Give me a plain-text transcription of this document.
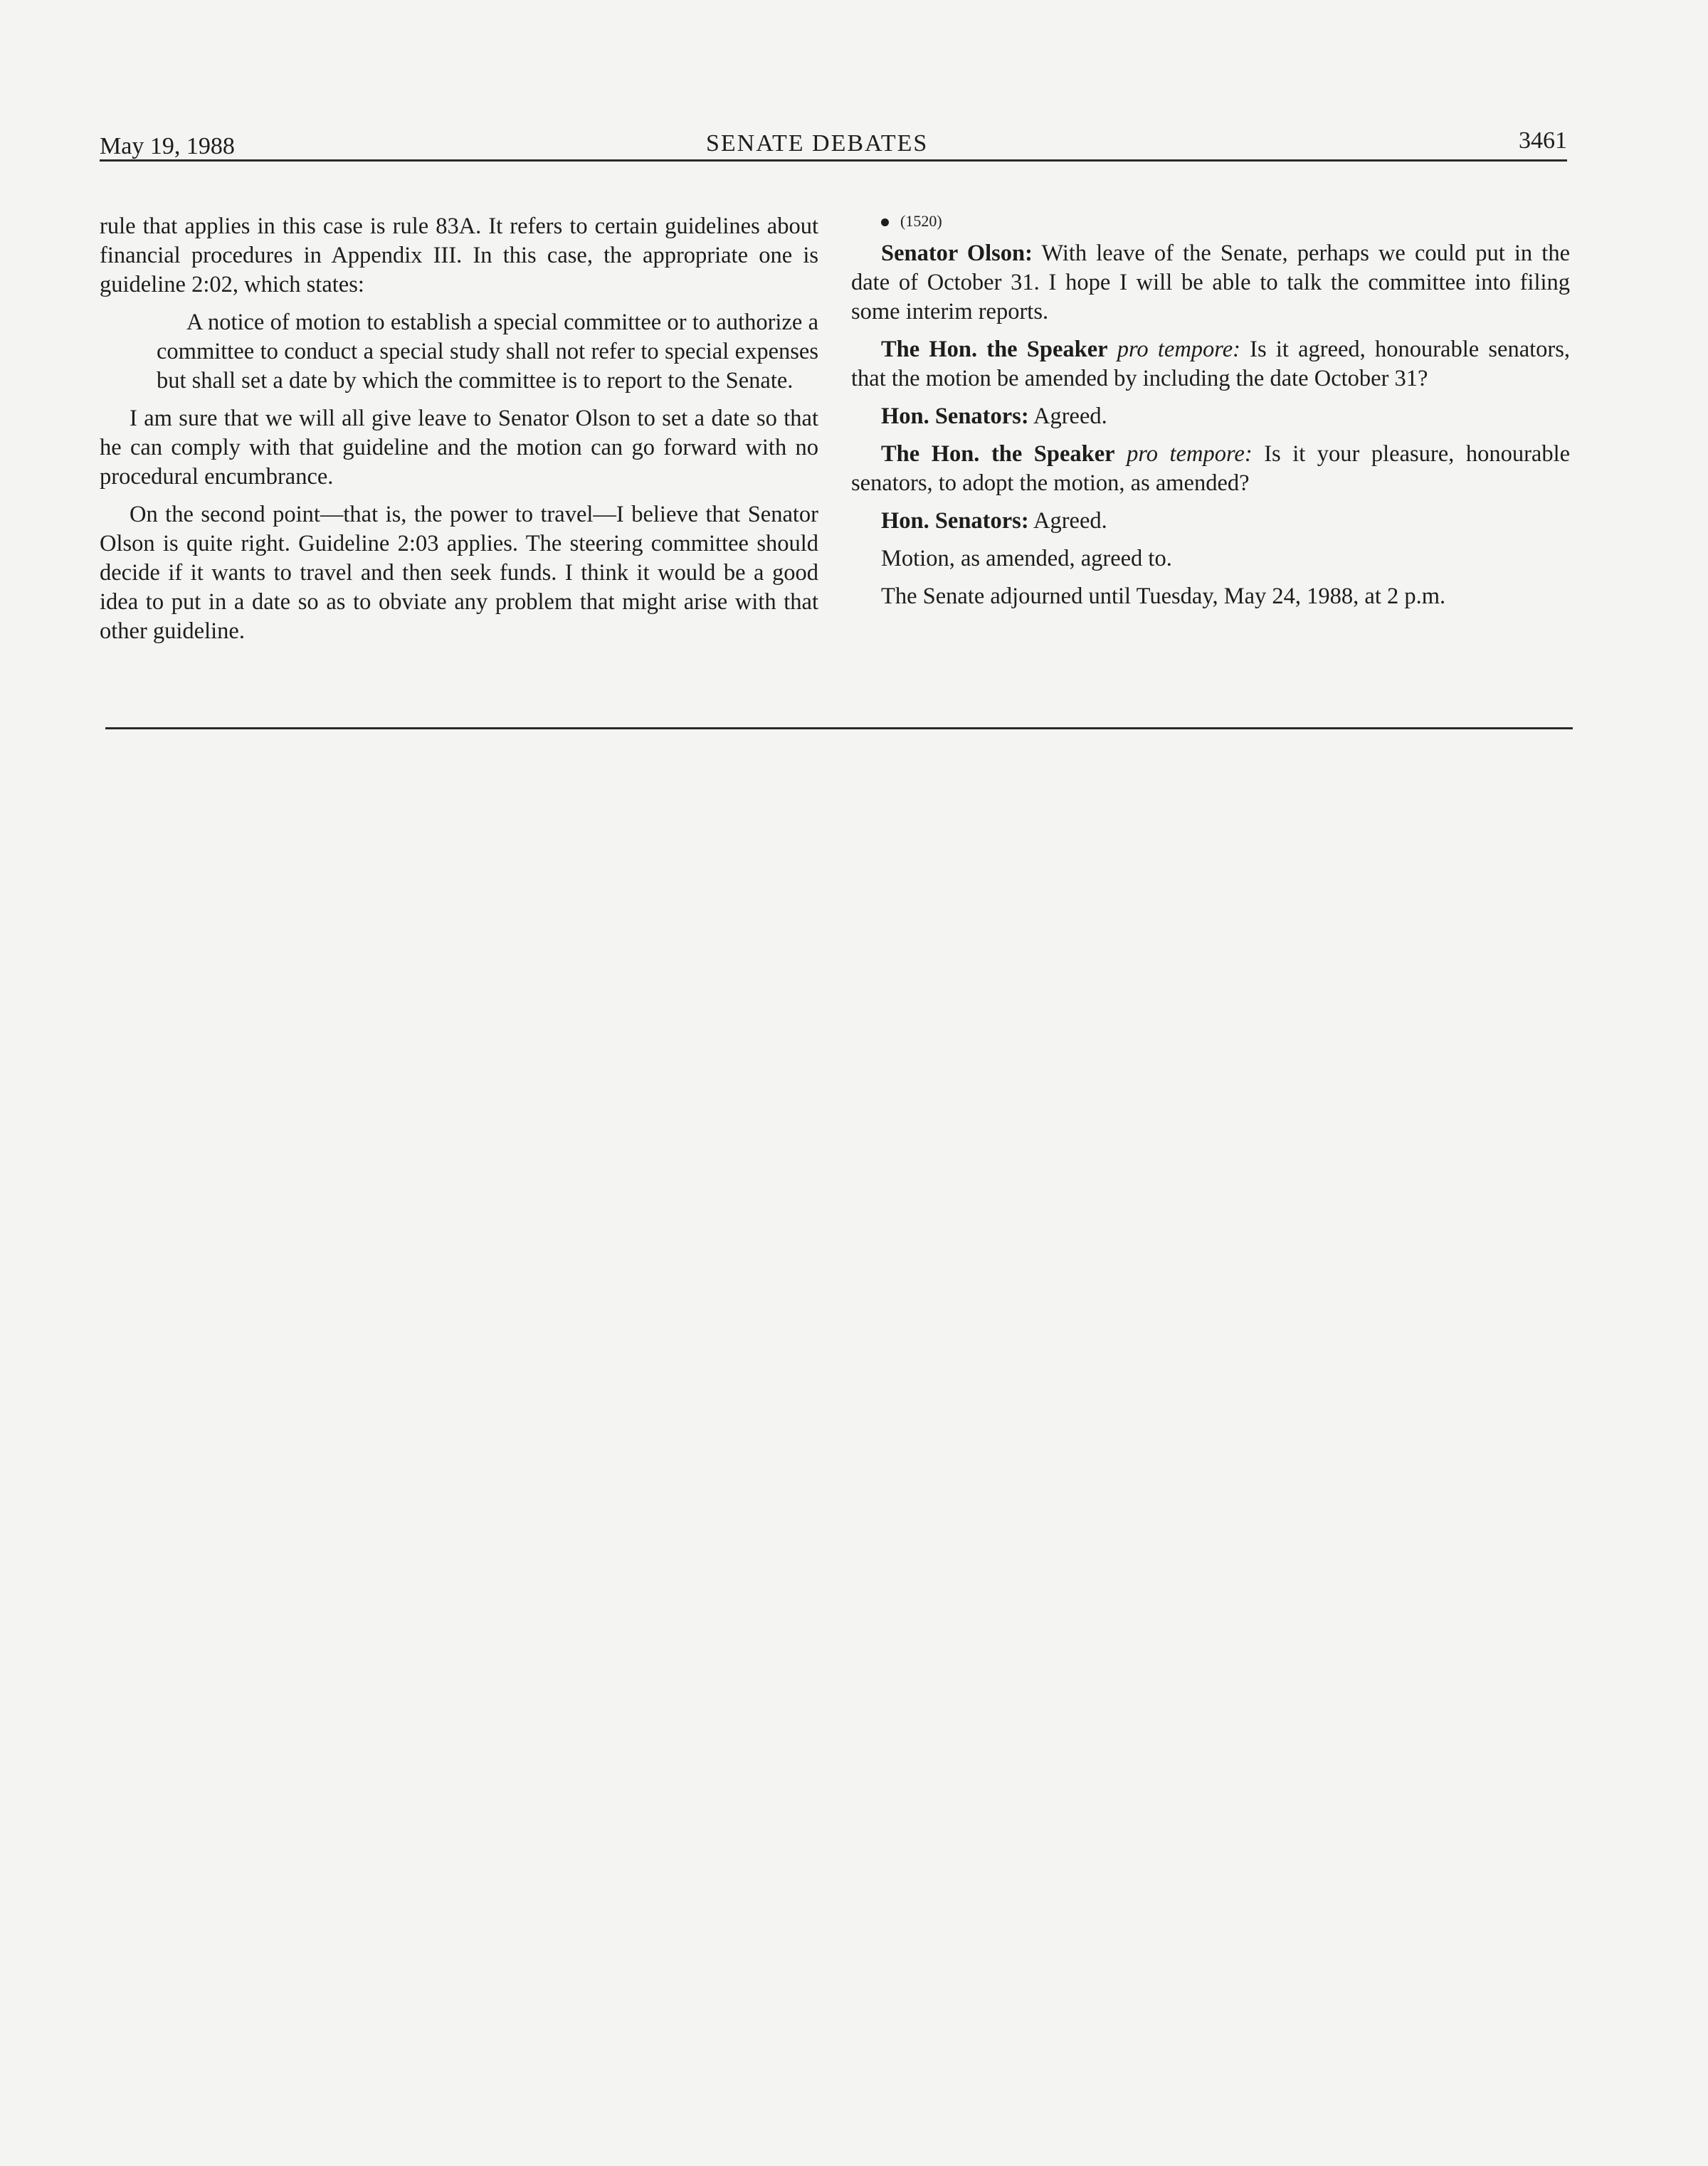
May 19, 1988	SENATE DEBATES	3461

rule that applies in this case is rule 83A. It refers to certain guidelines about financial procedures in Appendix III. In this case, the appropriate one is guideline 2:02, which states:

A notice of motion to establish a special committee or to authorize a committee to conduct a special study shall not refer to special expenses but shall set a date by which the committee is to report to the Senate.

I am sure that we will all give leave to Senator Olson to set a date so that he can comply with that guideline and the motion can go forward with no procedural encumbrance.

On the second point—that is, the power to travel—I believe that Senator Olson is quite right. Guideline 2:03 applies. The steering committee should decide if it wants to travel and then seek funds. I think it would be a good idea to put in a date so as to obviate any problem that might arise with that other guideline.

(1520)

Senator Olson: With leave of the Senate, perhaps we could put in the date of October 31. I hope I will be able to talk the committee into filing some interim reports.

The Hon. the Speaker pro tempore: Is it agreed, honourable senators, that the motion be amended by including the date October 31?

Hon. Senators: Agreed.

The Hon. the Speaker pro tempore: Is it your pleasure, honourable senators, to adopt the motion, as amended?

Hon. Senators: Agreed.

Motion, as amended, agreed to.

The Senate adjourned until Tuesday, May 24, 1988, at 2 p.m.
